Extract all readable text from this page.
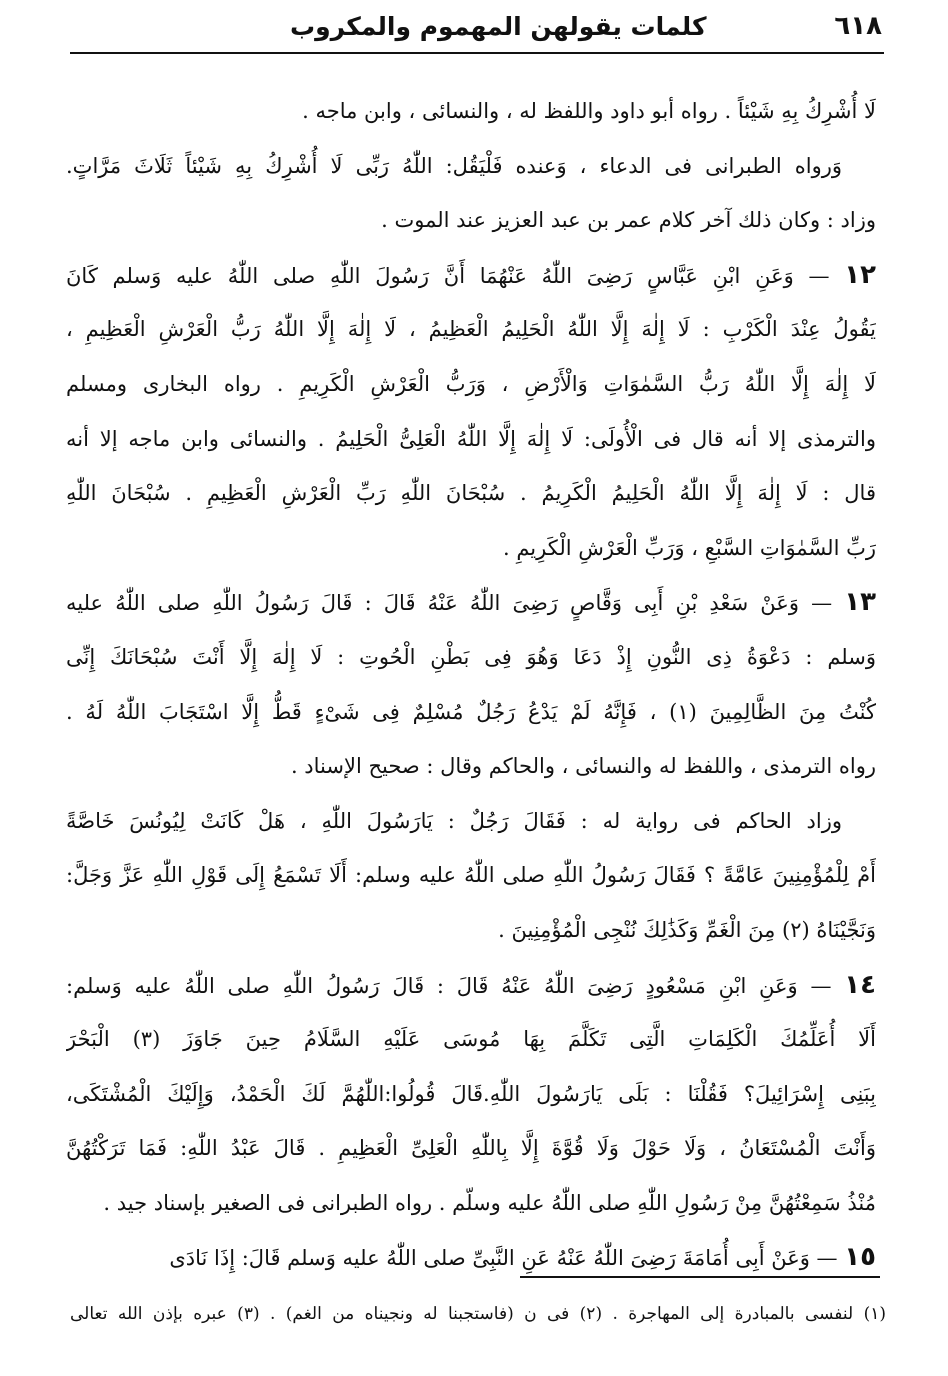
٦١٨
كلمات يقولهن المهموم والمكروب
لَا أُشْرِكُ بِهِ شَيْئاً . رواه أبو داود واللفظ له ، والنسائى ، وابن ماجه .
وَرواه الطبرانى فى الدعاء ، وَعنده فَلْيَقُل: اللّٰهُ رَبِّى لَا أُشْرِكُ بِهِ شَيْئاً ثَلَاثَ مَرَّاتٍ.
وزاد : وكان ذلك آخر كلام عمر بن عبد العزيز عند الموت .
١٢ — وَعَنِ ابْنِ عَبَّاسٍ رَضِىَ اللّٰهُ عَنْهُمَا أَنَّ رَسُولَ اللّٰهِ صلى اللّٰهُ عليه وَسلم كَانَ
يَقُولُ عِنْدَ الْكَرْبِ : لَا إِلٰهَ إِلَّا اللّٰهُ الْحَلِيمُ الْعَظِيمُ ، لَا إِلٰهَ إِلَّا اللّٰهُ رَبُّ الْعَرْشِ الْعَظِيمِ ،
لَا إِلٰهَ إِلَّا اللّٰهُ رَبُّ السَّمٰوَاتِ وَالْأَرْضِ ، وَرَبُّ الْعَرْشِ الْكَرِيمِ . رواه البخارى ومسلم
والترمذى إلا أنه قال فى الْأُولَى: لَا إِلٰهَ إِلَّا اللّٰهُ الْعَلِىُّ الْحَلِيمُ . والنسائى وابن ماجه إلا أنه
قال : لَا إِلٰهَ إِلَّا اللّٰهُ الْحَلِيمُ الْكَرِيمُ . سُبْحَانَ اللّٰهِ رَبِّ الْعَرْشِ الْعَظِيمِ . سُبْحَانَ اللّٰهِ
رَبِّ السَّمٰوَاتِ السَّبْعِ ، وَرَبِّ الْعَرْشِ الْكَرِيمِ .
١٣ — وَعَنْ سَعْدِ بْنِ أَبِى وَقَّاصٍ رَضِىَ اللّٰهُ عَنْهُ قَالَ : قَالَ رَسُولُ اللّٰهِ صلى اللّٰهُ عليه
وَسلم : دَعْوَةُ ذِى النُّونِ إِذْ دَعَا وَهُوَ فِى بَطْنِ الْحُوتِ : لَا إِلٰهَ إِلَّا أَنْتَ سُبْحَانَكَ إِنِّى
كُنْتُ مِنَ الظَّالِمِينَ (١) ، فَإِنَّهُ لَمْ يَدْعُ رَجُلٌ مُسْلِمٌ فِى شَىْءٍ قَطُّ إِلَّا اسْتَجَابَ اللّٰهُ لَهُ .
رواه الترمذى ، واللفظ له والنسائى ، والحاكم وقال : صحيح الإسناد .
وزاد الحاكم فى رواية له : فَقَالَ رَجُلٌ : يَارَسُولَ اللّٰهِ ، هَلْ كَانَتْ لِيُونُسَ خَاصَّةً
أَمْ لِلْمُؤْمِنِينَ عَامَّةً ؟ فَقَالَ رَسُولُ اللّٰهِ صلى اللّٰهُ عليه وسلم: أَلَا تَسْمَعُ إِلَى قَوْلِ اللّٰهِ عَزَّ وَجَلَّ:
وَنَجَّيْنَاهُ (٢) مِنَ الْغَمِّ وَكَذَٰلِكَ نُنْجِى الْمُؤْمِنِينَ .
١٤ — وَعَنِ ابْنِ مَسْعُودٍ رَضِىَ اللّٰهُ عَنْهُ قَالَ : قَالَ رَسُولُ اللّٰهِ صلى اللّٰهُ عليه وَسلم:
أَلَا أُعَلِّمُكَ الْكَلِمَاتِ الَّتِى تَكَلَّمَ بِهَا مُوسَى عَلَيْهِ السَّلَامُ حِينَ جَاوَزَ (٣) الْبَحْرَ
بِبَنِى إِسْرَائِيلَ؟ فَقُلْنَا : بَلَى يَارَسُولَ اللّٰهِ.قَالَ قُولُوا:اللّٰهُمَّ لَكَ الْحَمْدُ، وَإِلَيْكَ الْمُشْتَكَى،
وَأَنْتَ الْمُسْتَعَانُ ، وَلَا حَوْلَ وَلَا قُوَّةَ إِلَّا بِاللّٰهِ الْعَلِىِّ الْعَظِيمِ . قَالَ عَبْدُ اللّٰهِ: فَمَا تَرَكْتُهُنَّ
مُنْذُ سَمِعْتُهُنَّ مِنْ رَسُولِ اللّٰهِ صلى اللّٰهُ عليه وسلّم . رواه الطبرانى فى الصغير بإسناد جيد .
١٥ — وَعَنْ أَبِى أُمَامَةَ رَضِىَ اللّٰهُ عَنْهُ عَنِ النَّبِىِّ صلى اللّٰهُ عليه وَسلم قَالَ: إِذَا نَادَى
(١) لنفسى بالمبادرة إلى المهاجرة . (٢) فى ن (فاستجبنا له ونجيناه من الغم) . (٣) عبره بإذن الله تعالى
